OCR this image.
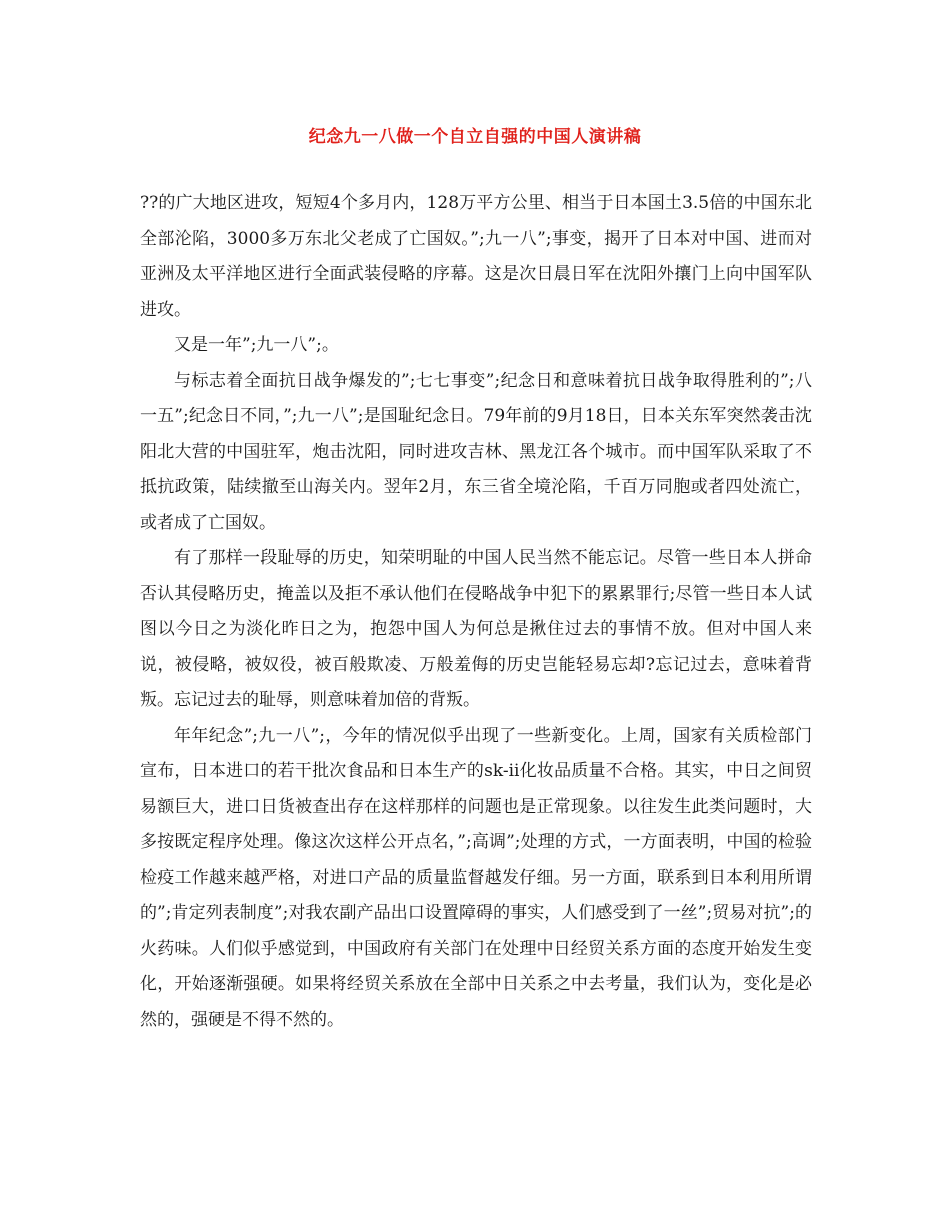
纪念九一八做一个自立自强的中国人演讲稿

??的广大地区进攻，短短4个多月内，128万平方公里、相当于日本国土3.5倍的中国东北全部沦陷，3000多万东北父老成了亡国奴。”;九一八”;事变，揭开了日本对中国、进而对亚洲及太平洋地区进行全面武装侵略的序幕。这是次日晨日军在沈阳外攘门上向中国军队进攻。

又是一年”;九一八”;。

与标志着全面抗日战争爆发的”;七七事变”;纪念日和意味着抗日战争取得胜利的”;八一五”;纪念日不同，”;九一八”;是国耻纪念日。79年前的9月18日，日本关东军突然袭击沈阳北大营的中国驻军，炮击沈阳，同时进攻吉林、黑龙江各个城市。而中国军队采取了不抵抗政策，陆续撤至山海关内。翌年2月，东三省全境沦陷，千百万同胞或者四处流亡，或者成了亡国奴。

有了那样一段耻辱的历史，知荣明耻的中国人民当然不能忘记。尽管一些日本人拼命否认其侵略历史，掩盖以及拒不承认他们在侵略战争中犯下的累累罪行;尽管一些日本人试图以今日之为淡化昨日之为，抱怨中国人为何总是揪住过去的事情不放。但对中国人来说，被侵略，被奴役，被百般欺凌、万般羞侮的历史岂能轻易忘却?忘记过去，意味着背叛。忘记过去的耻辱，则意味着加倍的背叛。

年年纪念”;九一八”;，今年的情况似乎出现了一些新变化。上周，国家有关质检部门宣布，日本进口的若干批次食品和日本生产的sk-ii化妆品质量不合格。其实，中日之间贸易额巨大，进口日货被查出存在这样那样的问题也是正常现象。以往发生此类问题时，大多按既定程序处理。像这次这样公开点名，”;高调”;处理的方式，一方面表明，中国的检验检疫工作越来越严格，对进口产品的质量监督越发仔细。另一方面，联系到日本利用所谓的”;肯定列表制度”;对我农副产品出口设置障碍的事实，人们感受到了一丝”;贸易对抗”;的火药味。人们似乎感觉到，中国政府有关部门在处理中日经贸关系方面的态度开始发生变化，开始逐渐强硬。如果将经贸关系放在全部中日关系之中去考量，我们认为，变化是必然的，强硬是不得不然的。
